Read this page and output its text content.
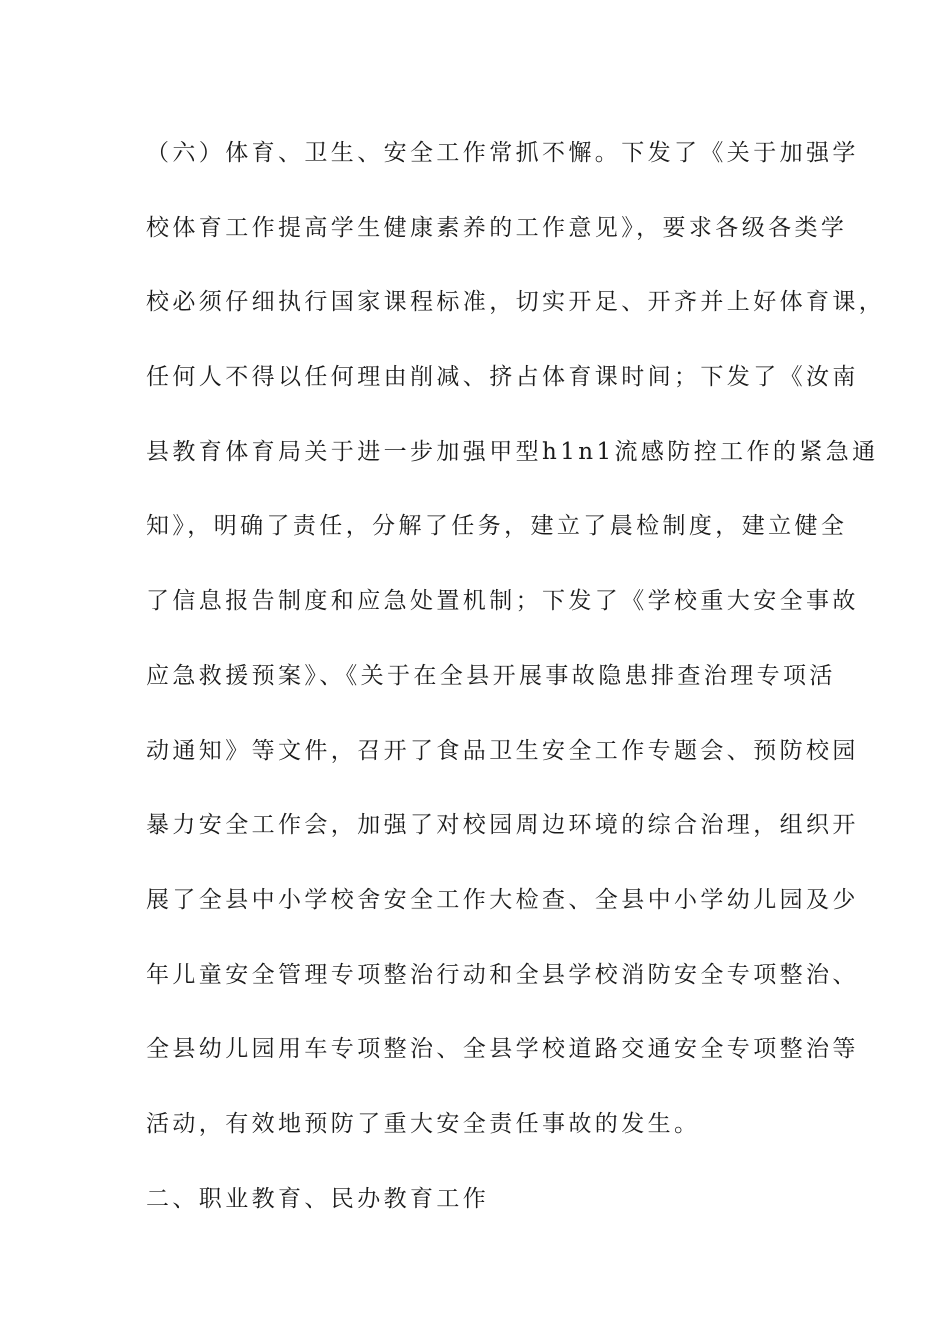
（六）体育、卫生、安全工作常抓不懈。下发了《关于加强学

校体育工作提高学生健康素养的工作意见》，要求各级各类学

校必须仔细执行国家课程标准，切实开足、开齐并上好体育课，

任何人不得以任何理由削减、挤占体育课时间；下发了《汝南

县教育体育局关于进一步加强甲型h1n1流感防控工作的紧急通

知》，明确了责任，分解了任务，建立了晨检制度，建立健全

了信息报告制度和应急处置机制；下发了《学校重大安全事故

应急救援预案》、《关于在全县开展事故隐患排查治理专项活

动通知》等文件，召开了食品卫生安全工作专题会、预防校园

暴力安全工作会，加强了对校园周边环境的综合治理，组织开

展了全县中小学校舍安全工作大检查、全县中小学幼儿园及少

年儿童安全管理专项整治行动和全县学校消防安全专项整治、

全县幼儿园用车专项整治、全县学校道路交通安全专项整治等

活动，有效地预防了重大安全责任事故的发生。

二、职业教育、民办教育工作
